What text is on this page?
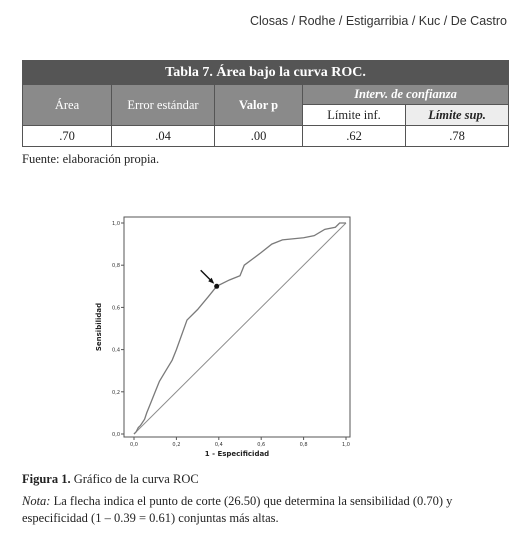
Closas / Rodhe / Estigarribia / Kuc / De Castro
Tabla 7. Área bajo la curva ROC.				
Área	Error estándar	Valor p	Interv. de confianza	
			Límite inf.	Límite sup.
.70	.04	.00	.62	.78
Fuente: elaboración propia.
0,0
0,2
0,4
0,6
0,8
1,0
0,0	0,2	0,4	0,6	0,8	1,0
1 - Especificidad
Sensibilidad
Figura 1. Gráfico de la curva ROC
Nota: La flecha indica el punto de corte (26.50) que determina la sensibilidad (0.70) y especificidad (1 – 0.39 = 0.61) conjuntas más altas.
